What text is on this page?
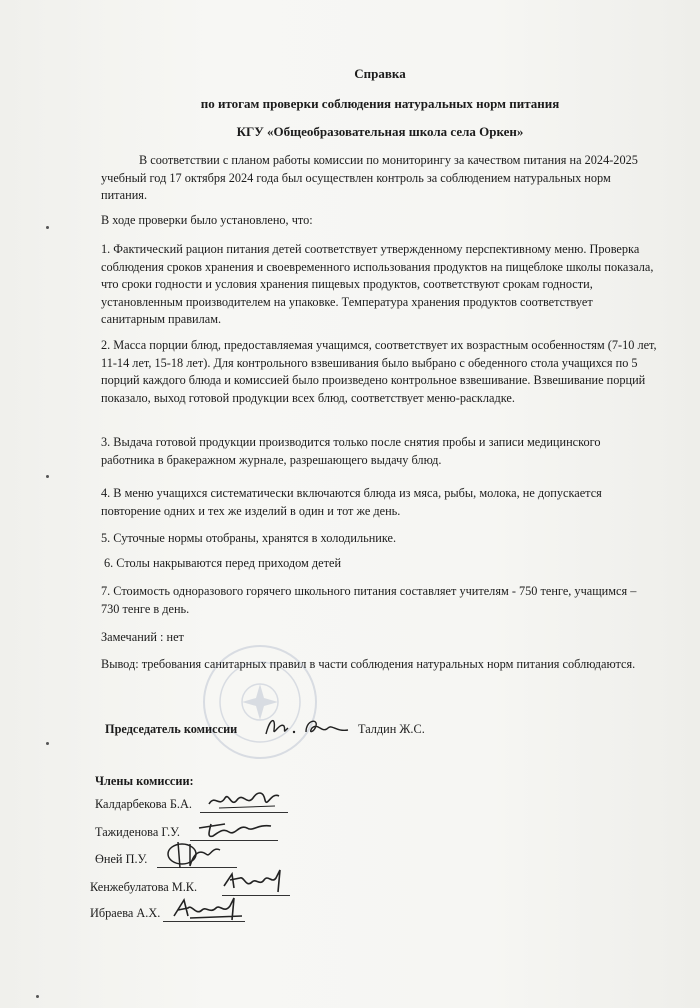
Справка

по итогам проверки соблюдения натуральных норм питания

КГУ «Общеобразовательная школа села Оркен»

В соответствии с планом работы комиссии по мониторингу за качеством питания на 2024-2025 учебный год 17 октября 2024 года был осуществлен контроль за соблюдением натуральных норм питания.

В ходе проверки было установлено, что:

1. Фактический рацион питания детей соответствует утвержденному перспективному меню. Проверка соблюдения сроков хранения и своевременного использования продуктов на пищеблоке школы показала, что сроки годности и условия хранения пищевых продуктов, соответствуют срокам годности, установленным производителем на упаковке. Температура хранения продуктов соответствует санитарным правилам.

2. Масса порции блюд, предоставляемая учащимся, соответствует их возрастным особенностям (7-10 лет, 11-14 лет, 15-18 лет). Для контрольного взвешивания было выбрано с обеденного стола учащихся по 5 порций каждого блюда и комиссией было произведено контрольное взвешивание. Взвешивание порций показало, выход готовой продукции всех блюд, соответствует меню-раскладке.

3. Выдача готовой продукции производится только после снятия пробы и записи медицинского работника в бракеражном журнале, разрешающего выдачу блюд.

4. В меню учащихся систематически включаются блюда из мяса, рыбы, молока, не допускается повторение одних и тех же изделий в один и тот же день.

5. Суточные нормы отобраны, хранятся в холодильнике.

6. Столы накрываются перед приходом детей

7. Стоимость одноразового горячего школьного питания составляет учителям - 750 тенге, учащимся – 730 тенге в день.

Замечаний : нет

Вывод: требования санитарных правил в части соблюдения натуральных норм питания соблюдаются.

Председатель комиссии	Талдин Ж.С.
Члены комиссии:
Калдарбекова Б.А.
Тажиденова Г.У.
Өней П.У.
Кенжебулатова М.К.
Ибраева А.Х.
